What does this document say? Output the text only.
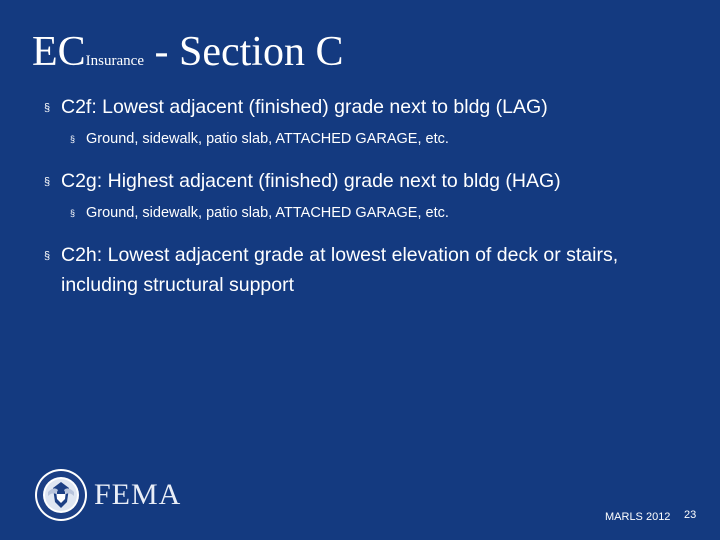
ECInsurance - Section C
§ C2f: Lowest adjacent (finished) grade next to bldg (LAG)
§ Ground, sidewalk, patio slab, ATTACHED GARAGE, etc.
§ C2g: Highest adjacent (finished) grade next to bldg (HAG)
§ Ground, sidewalk, patio slab, ATTACHED GARAGE, etc.
§ C2h: Lowest adjacent grade at lowest elevation of deck or stairs, including structural support
FEMA
MARLS 2012 23
